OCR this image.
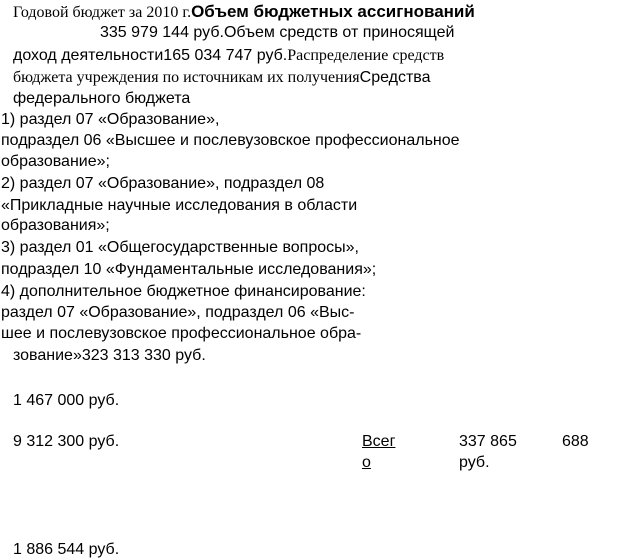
Годовой бюджет за 2010 г.Объем бюджетных ассигнований
335 979 144 руб.Объем средств от приносящей
доход деятельности165 034 747 руб.Распределение средств
бюджета учреждения по источникам их полученияСредства
федерального бюджета
1) раздел 07 «Образование»,
подраздел 06 «Высшее и послевузовское профессиональное
образование»;
2) раздел 07 «Образование», подраздел 08
«Прикладные научные исследования в области
образования»;
3) раздел 01 «Общегосударственные вопросы»,
подраздел 10 «Фундаментальные исследования»;
4) дополнительное бюджетное финансирование:
раздел 07 «Образование», подраздел 06 «Выс-
шее и послевузовское профессиональное обра-
зование»323 313 330 руб.
1 467 000 руб.
9 312 300 руб.
1 886 544 руб.
Всег
о
337 865
руб.
688
